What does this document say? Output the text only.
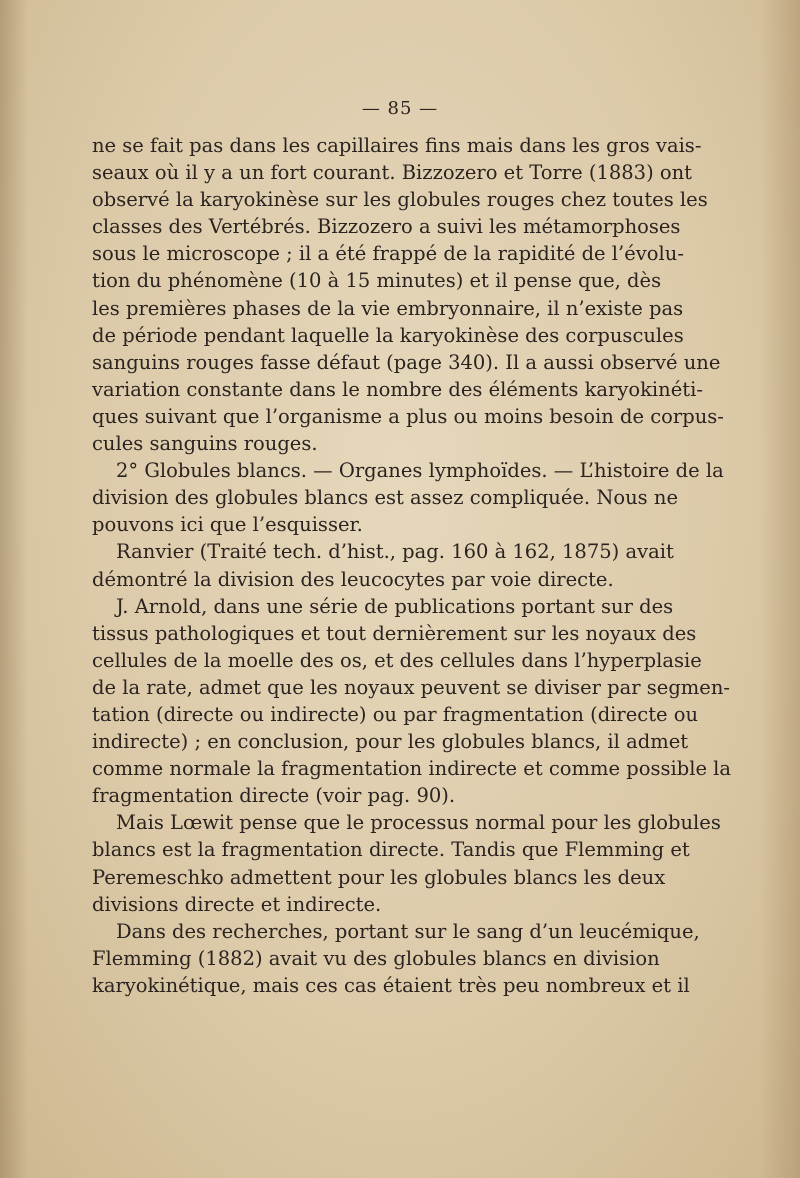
— 85 —
ne se fait pas dans les capillaires fins mais dans les gros vais-
seaux où il y a un fort courant. Bizzozero et Torre (1883) ont
observé la karyokinèse sur les globules rouges chez toutes les
classes des Vertébrés. Bizzozero a suivi les métamorphoses
sous le microscope ; il a été frappé de la rapidité de l’évolu-
tion du phénomène (10 à 15 minutes) et il pense que, dès
les premières phases de la vie embryonnaire, il n’existe pas
de période pendant laquelle la karyokinèse des corpuscules
sanguins rouges fasse défaut (page 340). Il a aussi observé une
variation constante dans le nombre des éléments karyokinéti-
ques suivant que l’organisme a plus ou moins besoin de corpus-
cules sanguins rouges.
2° Globules blancs. — Organes lymphoïdes. — L’histoire de la
division des globules blancs est assez compliquée. Nous ne
pouvons ici que l’esquisser.
Ranvier (Traité tech. d’hist., pag. 160 à 162, 1875) avait
démontré la division des leucocytes par voie directe.
J. Arnold, dans une série de publications portant sur des
tissus pathologiques et tout dernièrement sur les noyaux des
cellules de la moelle des os, et des cellules dans l’hyperplasie
de la rate, admet que les noyaux peuvent se diviser par segmen-
tation (directe ou indirecte) ou par fragmentation (directe ou
indirecte) ; en conclusion, pour les globules blancs, il admet
comme normale la fragmentation indirecte et comme possible la
fragmentation directe (voir pag. 90).
Mais Lœwit pense que le processus normal pour les globules
blancs est la fragmentation directe. Tandis que Flemming et
Peremeschko admettent pour les globules blancs les deux
divisions directe et indirecte.
Dans des recherches, portant sur le sang d’un leucémique,
Flemming (1882) avait vu des globules blancs en division
karyokinétique, mais ces cas étaient très peu nombreux et il
